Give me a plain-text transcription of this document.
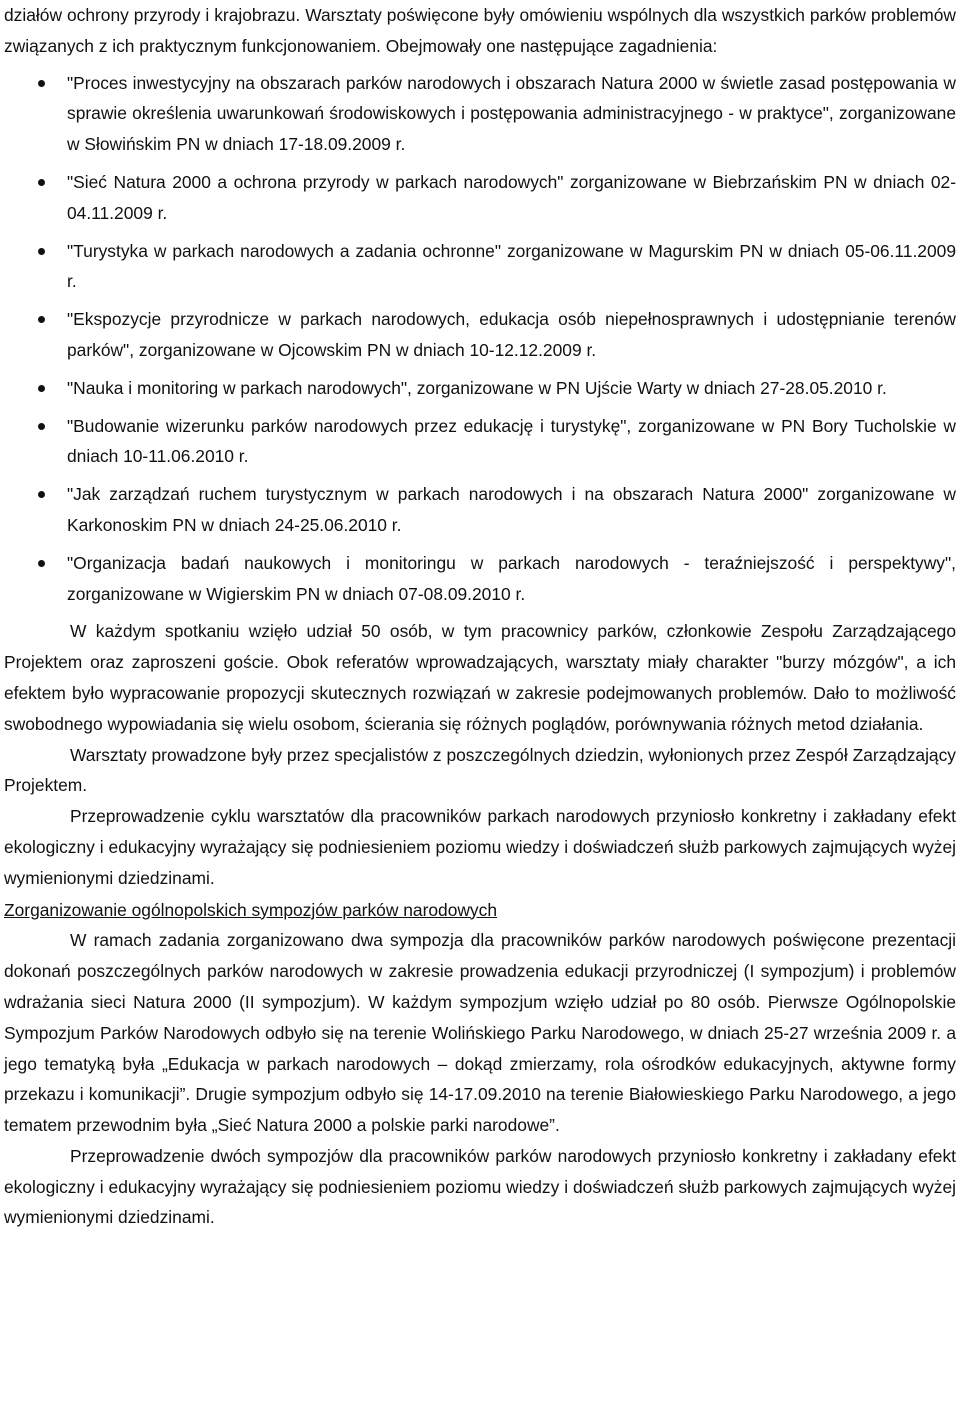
działów ochrony przyrody i krajobrazu. Warsztaty poświęcone były omówieniu wspólnych dla wszystkich parków problemów związanych z ich praktycznym funkcjonowaniem. Obejmowały one następujące zagadnienia:

"Proces inwestycyjny na obszarach parków narodowych i obszarach Natura 2000 w świetle zasad postępowania w sprawie określenia uwarunkowań środowiskowych i postępowania administracyjnego - w praktyce", zorganizowane w Słowińskim PN w dniach 17-18.09.2009 r.
"Sieć Natura 2000 a ochrona przyrody w parkach narodowych" zorganizowane w Biebrzańskim PN w dniach 02-04.11.2009 r.
"Turystyka w parkach narodowych a zadania ochronne" zorganizowane w Magurskim PN w dniach 05-06.11.2009 r.
"Ekspozycje przyrodnicze w parkach narodowych, edukacja osób niepełnosprawnych i udostępnianie terenów parków", zorganizowane w Ojcowskim PN w dniach 10-12.12.2009 r.
"Nauka i monitoring w parkach narodowych", zorganizowane w PN Ujście Warty w dniach 27-28.05.2010 r.
"Budowanie wizerunku parków narodowych przez edukację i turystykę", zorganizowane w PN Bory Tucholskie w dniach 10-11.06.2010 r.
"Jak zarządzań ruchem turystycznym w parkach narodowych i na obszarach Natura 2000" zorganizowane w Karkonoskim PN w dniach 24-25.06.2010 r.
"Organizacja badań naukowych i monitoringu w parkach narodowych - teraźniejszość i perspektywy", zorganizowane w Wigierskim PN w dniach 07-08.09.2010 r.

W każdym spotkaniu wzięło udział 50 osób, w tym pracownicy parków, członkowie Zespołu Zarządzającego Projektem oraz zaproszeni goście. Obok referatów wprowadzających, warsztaty miały charakter "burzy mózgów", a ich efektem było wypracowanie propozycji skutecznych rozwiązań w zakresie podejmowanych problemów. Dało to możliwość swobodnego wypowiadania się wielu osobom, ścierania się różnych poglądów, porównywania różnych metod działania.

Warsztaty prowadzone były przez specjalistów z poszczególnych dziedzin, wyłonionych przez Zespół Zarządzający Projektem.

Przeprowadzenie cyklu warsztatów dla pracowników parkach narodowych przyniosło konkretny i zakładany efekt ekologiczny i edukacyjny wyrażający się podniesieniem poziomu wiedzy i doświadczeń służb parkowych zajmujących wyżej wymienionymi dziedzinami.

Zorganizowanie ogólnopolskich sympozjów parków narodowych

W ramach zadania zorganizowano dwa sympozja dla pracowników parków narodowych poświęcone prezentacji dokonań poszczególnych parków narodowych w zakresie prowadzenia edukacji przyrodniczej (I sympozjum) i problemów wdrażania sieci Natura 2000 (II sympozjum). W każdym sympozjum wzięło udział po 80 osób. Pierwsze Ogólnopolskie Sympozjum Parków Narodowych odbyło się na terenie Wolińskiego Parku Narodowego, w dniach 25-27 września 2009 r. a jego tematyką była „Edukacja w parkach narodowych – dokąd zmierzamy, rola ośrodków edukacyjnych, aktywne formy przekazu i komunikacji”. Drugie sympozjum odbyło się 14-17.09.2010 na terenie Białowieskiego Parku Narodowego, a jego tematem przewodnim była „Sieć Natura 2000 a polskie parki narodowe”.

Przeprowadzenie dwóch sympozjów dla pracowników parków narodowych przyniosło konkretny i zakładany efekt ekologiczny i edukacyjny wyrażający się podniesieniem poziomu wiedzy i doświadczeń służb parkowych zajmujących wyżej wymienionymi dziedzinami.
